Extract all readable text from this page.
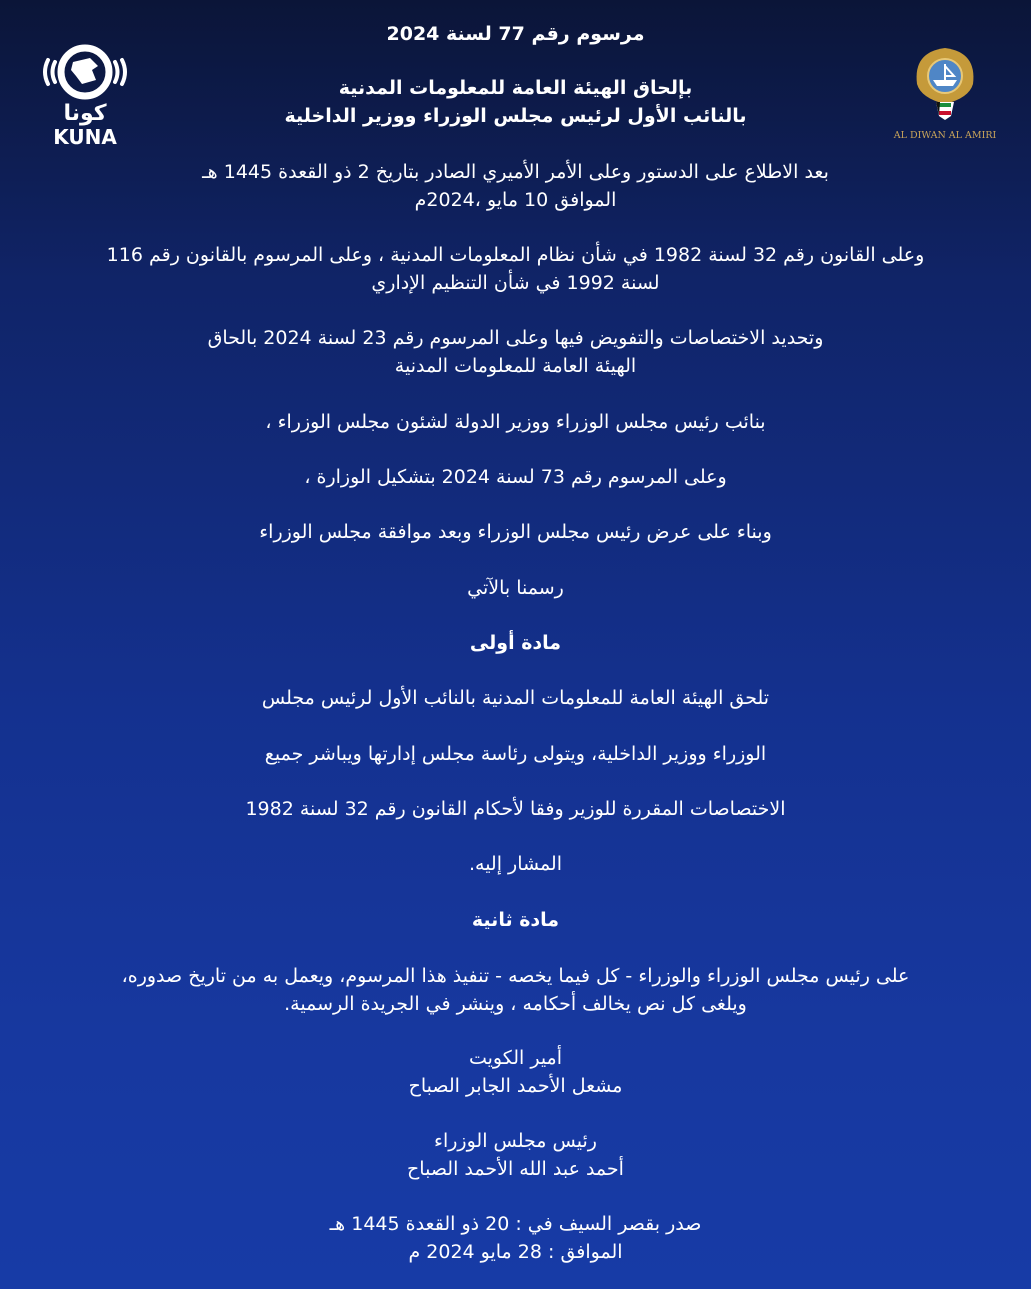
كونا
KUNA	AL DIWAN AL AMIRI
مرسوم رقم 77 لسنة 2024
بإلحاق الهيئة العامة للمعلومات المدنية
بالنائب الأول لرئيس مجلس الوزراء ووزير الداخلية
بعد الاطلاع على الدستور وعلى الأمر الأميري الصادر بتاريخ 2 ذو القعدة 1445 هـ
الموافق 10 مايو ،2024م
وعلى القانون رقم 32 لسنة 1982 في شأن نظام المعلومات المدنية ، وعلى المرسوم بالقانون رقم 116
لسنة 1992 في شأن التنظيم الإداري
وتحديد الاختصاصات والتفويض فيها وعلى المرسوم رقم 23 لسنة 2024 بالحاق
الهيئة العامة للمعلومات المدنية
بنائب رئيس مجلس الوزراء ووزير الدولة لشئون مجلس الوزراء ،
وعلى المرسوم رقم 73 لسنة 2024 بتشكيل الوزارة ،
وبناء على عرض رئيس مجلس الوزراء وبعد موافقة مجلس الوزراء
رسمنا بالآتي
مادة أولى
تلحق الهيئة العامة للمعلومات المدنية بالنائب الأول لرئيس مجلس
الوزراء ووزير الداخلية، ويتولى رئاسة مجلس إدارتها ويباشر جميع
الاختصاصات المقررة للوزير وفقا لأحكام القانون رقم 32 لسنة 1982
المشار إليه.
مادة ثانية
على رئيس مجلس الوزراء والوزراء - كل فيما يخصه - تنفيذ هذا المرسوم، ويعمل به من تاريخ صدوره،
ويلغى كل نص يخالف أحكامه ، وينشر في الجريدة الرسمية.
أمير الكويت
مشعل الأحمد الجابر الصباح
رئيس مجلس الوزراء
أحمد عبد الله الأحمد الصباح
صدر بقصر السيف في : 20 ذو القعدة 1445 هـ
الموافق : 28 مايو 2024 م
